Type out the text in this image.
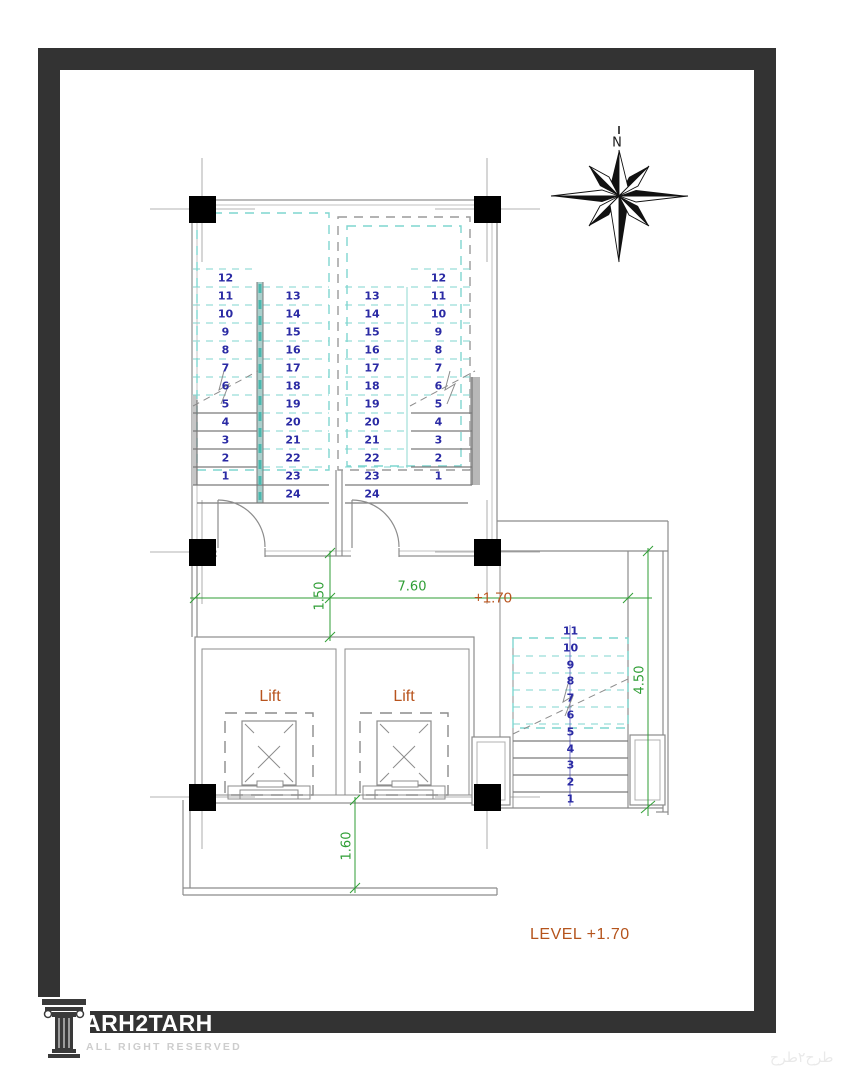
12
11
10
9
8
7
6
5
4
3
2
1
13
14
15
16
17
18
19
20
21
22
23
13
14
15
16
17
18
19
20
21
22
23
12
11
10
9
8
7
6
5
4
3
2
1
11
10
9
8
7
6
5
4
3
2
1
24	24
1.50	7.60
+1.70
4.50
1.60
Lift	Lift
LEVEL +1.70
N
ARH2TARH
©
ALL RIGHT RESERVED
طرح۲طرح
